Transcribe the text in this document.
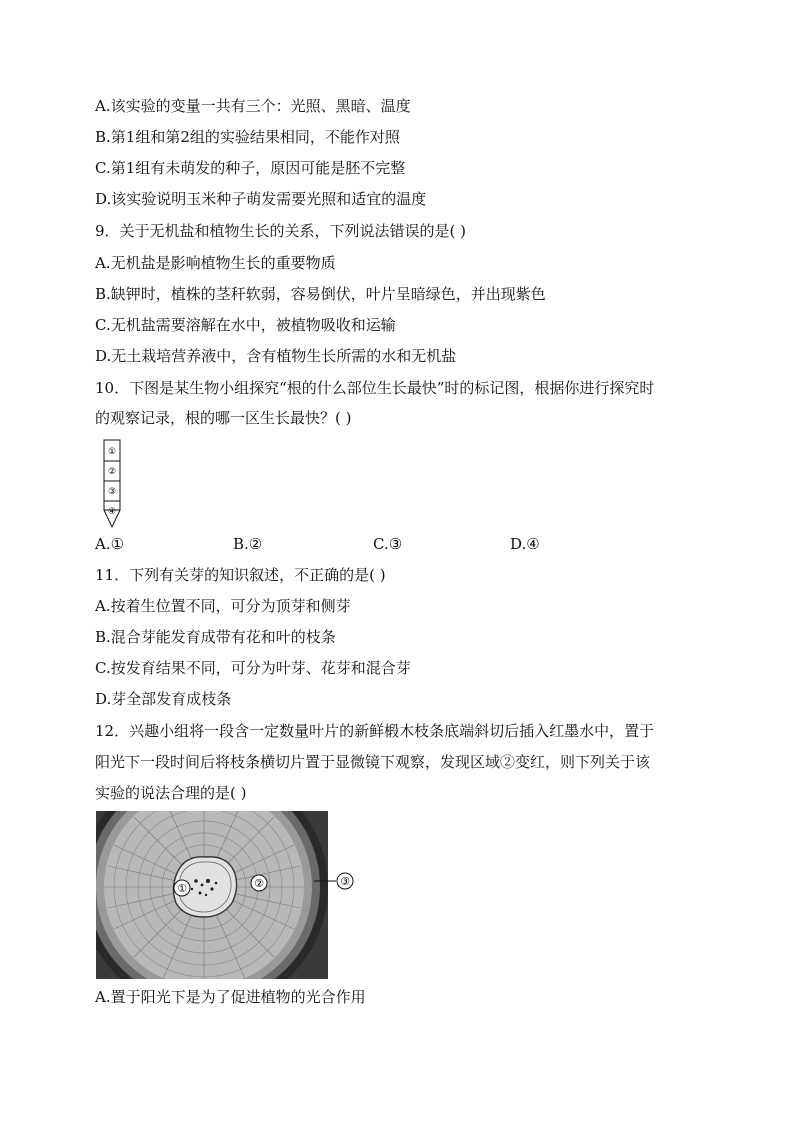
A.该实验的变量一共有三个：光照、黑暗、温度
B.第1组和第2组的实验结果相同，不能作对照
C.第1组有未萌发的种子，原因可能是胚不完整
D.该实验说明玉米种子萌发需要光照和适宜的温度
9．关于无机盐和植物生长的关系，下列说法错误的是( )
A.无机盐是影响植物生长的重要物质
B.缺钾时，植株的茎秆软弱，容易倒伏，叶片呈暗绿色，并出现紫色
C.无机盐需要溶解在水中，被植物吸收和运输
D.无土栽培营养液中，含有植物生长所需的水和无机盐
10．下图是某生物小组探究“根的什么部位生长最快”时的标记图，根据你进行探究时
的观察记录，根的哪一区生长最快？( )
①
②
③
④
A.①	B.②	C.③	D.④
11．下列有关芽的知识叙述，不正确的是( )
A.按着生位置不同，可分为顶芽和侧芽
B.混合芽能发育成带有花和叶的枝条
C.按发育结果不同，可分为叶芽、花芽和混合芽
D.芽全部发育成枝条
12．兴趣小组将一段含一定数量叶片的新鲜椴木枝条底端斜切后插入红墨水中，置于
阳光下一段时间后将枝条横切片置于显微镜下观察，发现区域②变红，则下列关于该
实验的说法合理的是( )
①	②	③
A.置于阳光下是为了促进植物的光合作用
